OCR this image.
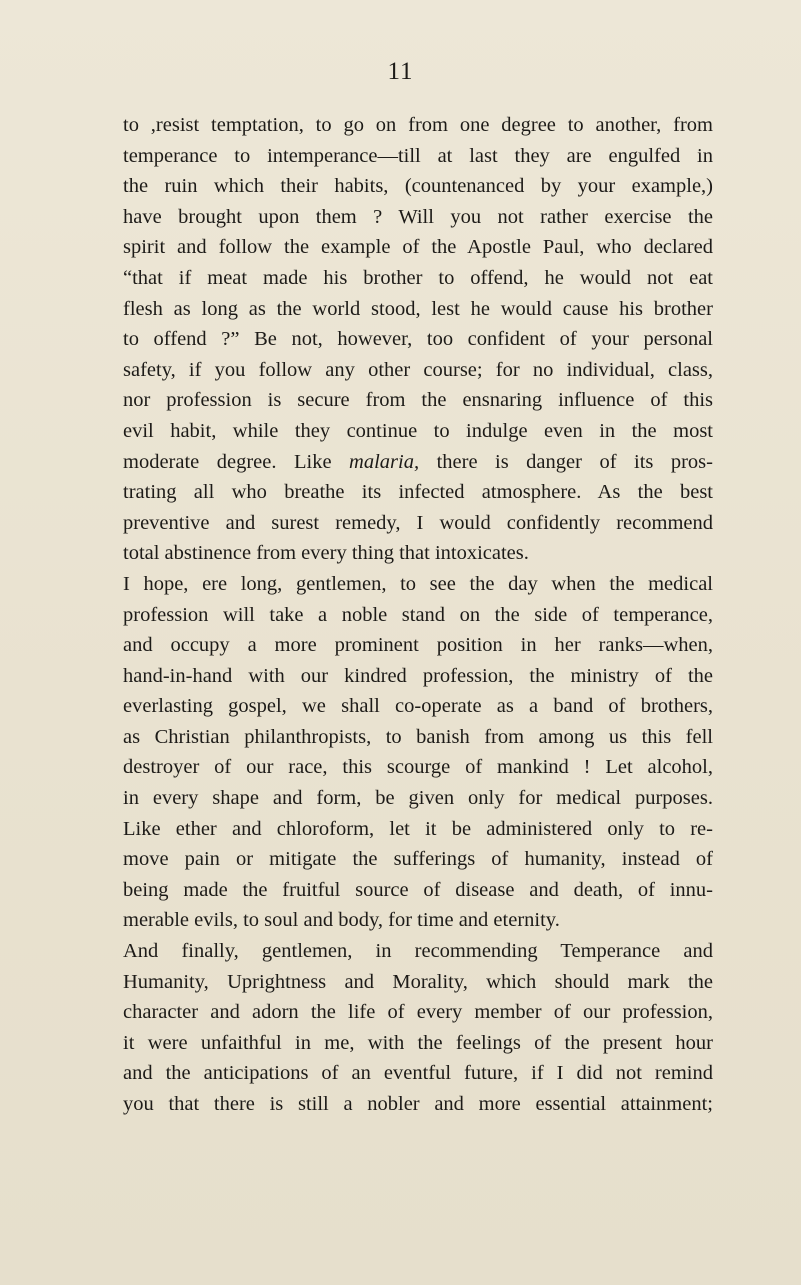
11
to ,resist temptation, to go on from one degree to another, from
temperance to intemperance—till at last they are engulfed in
the ruin which their habits, (countenanced by your example,)
have brought upon them ? Will you not rather exercise the
spirit and follow the example of the Apostle Paul, who declared
“that if meat made his brother to offend, he would not eat
flesh as long as the world stood, lest he would cause his brother
to offend ?” Be not, however, too confident of your personal
safety, if you follow any other course; for no individual, class,
nor profession is secure from the ensnaring influence of this
evil habit, while they continue to indulge even in the most
moderate degree. Like malaria, there is danger of its pros-
trating all who breathe its infected atmosphere. As the best
preventive and surest remedy, I would confidently recommend
total abstinence from every thing that intoxicates.
I hope, ere long, gentlemen, to see the day when the medical
profession will take a noble stand on the side of temperance,
and occupy a more prominent position in her ranks—when,
hand-in-hand with our kindred profession, the ministry of the
everlasting gospel, we shall co-operate as a band of brothers,
as Christian philanthropists, to banish from among us this fell
destroyer of our race, this scourge of mankind ! Let alcohol,
in every shape and form, be given only for medical purposes.
Like ether and chloroform, let it be administered only to re-
move pain or mitigate the sufferings of humanity, instead of
being made the fruitful source of disease and death, of innu-
merable evils, to soul and body, for time and eternity.
And finally, gentlemen, in recommending Temperance and
Humanity, Uprightness and Morality, which should mark the
character and adorn the life of every member of our profession,
it were unfaithful in me, with the feelings of the present hour
and the anticipations of an eventful future, if I did not remind
you that there is still a nobler and more essential attainment;
